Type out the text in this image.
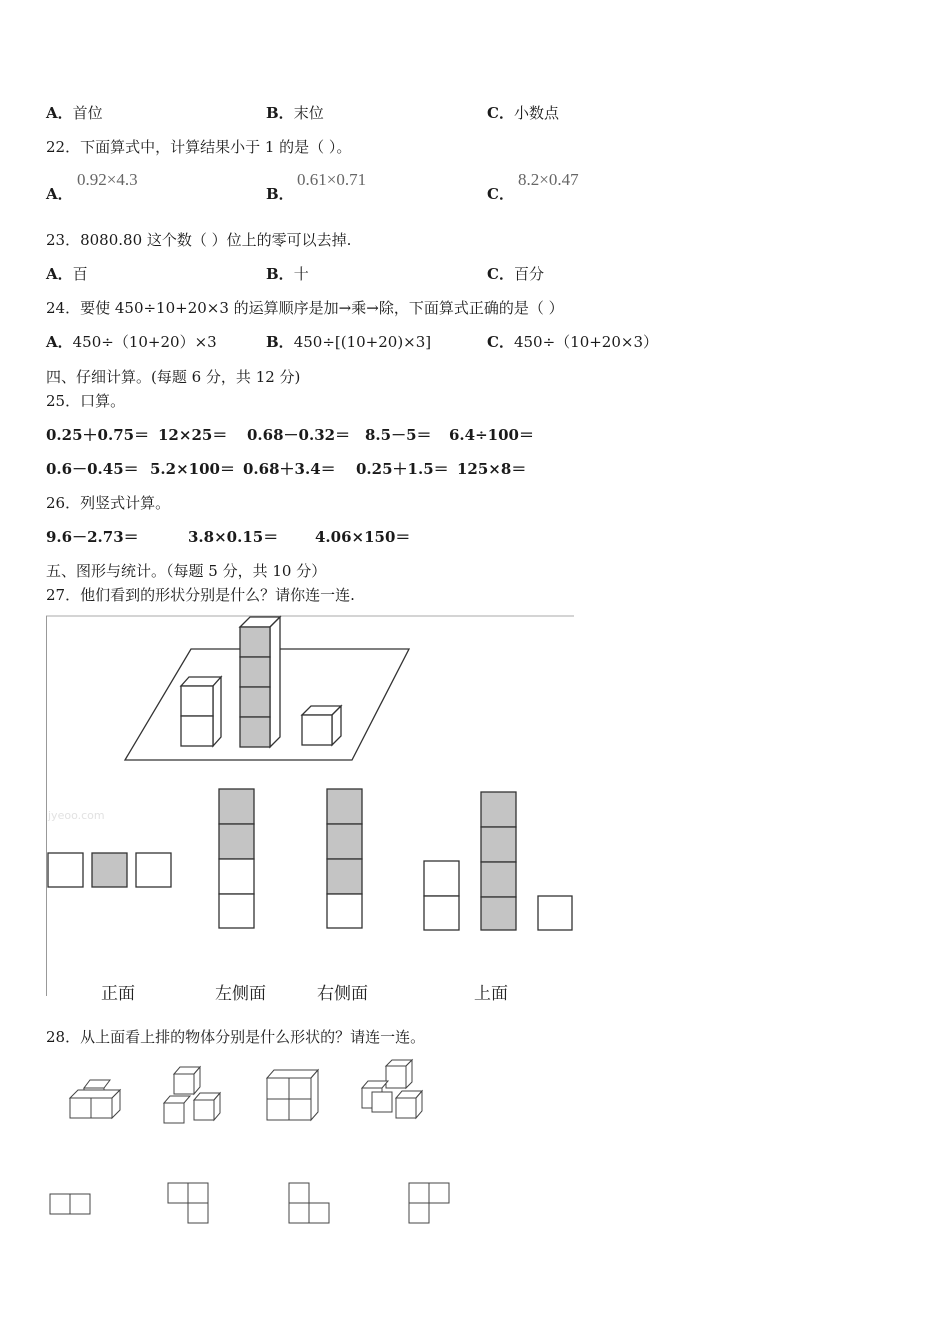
A．首位	B．末位	C．小数点
22．下面算式中，计算结果小于 1 的是（ ）。
A．
0.92×4.3
B．
0.61×0.71
C．
8.2×0.47
23．8080.80 这个数（ ）位上的零可以去掉.
A．百	B．十	C．百分
24．要使 450÷10+20×3 的运算顺序是加→乘→除，下面算式正确的是（ ）
A．450÷（10+20）×3	B．450÷[(10+20)×3]	C．450÷（10+20×3）
四、仔细计算。(每题 6 分，共 12 分)
25．口算。
0.25＋0.75＝ 12×25＝ 0.68－0.32＝ 8.5－5＝ 6.4÷100＝
0.6－0.45＝ 5.2×100＝ 0.68＋3.4＝ 0.25＋1.5＝ 125×8＝
26．列竖式计算。
9.6－2.73＝	3.8×0.15＝ 4.06×150＝
五、图形与统计。（每题 5 分，共 10 分）
27．他们看到的形状分别是什么？请你连一连.
jyeoo.com
正面	左侧面	右侧面	上面
28．从上面看上排的物体分别是什么形状的？请连一连。
